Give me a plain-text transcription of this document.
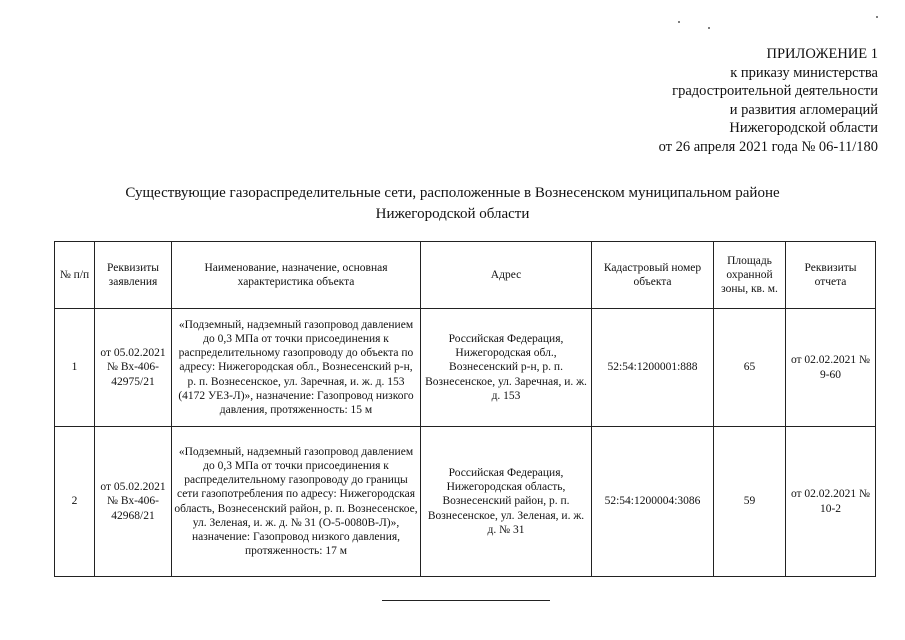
ПРИЛОЖЕНИЕ 1
к приказу министерства
градостроительной деятельности
и развития агломераций
Нижегородской области
от 26 апреля 2021 года № 06-11/180
Существующие газораспределительные сети, расположенные в Вознесенском муниципальном районе
Нижегородской области
№ п/п	Реквизиты заявления	Наименование, назначение, основная характеристика объекта	Адрес	Кадастровый номер объекта	Площадь охранной зоны, кв. м.	Реквизиты отчета
1	от 05.02.2021 № Вх-406-42975/21	«Подземный, надземный газопровод давлением до 0,3 МПа от точки присоединения к распределительному газопроводу до объекта по адресу: Нижегородская обл., Вознесенский р-н, р. п. Вознесенское, ул. Заречная, и. ж. д. 153 (4172 УЕЗ-Л)», назначение: Газопровод низкого давления, протяженность: 15 м	Российская Федерация, Нижегородская обл., Вознесенский р-н, р. п. Вознесенское, ул. Заречная, и. ж. д. 153	52:54:1200001:888	65	от 02.02.2021 № 9-60
2	от 05.02.2021 № Вх-406-42968/21	«Подземный, надземный газопровод давлением до 0,3 МПа от точки присоединения к распределительному газопроводу до границы сети газопотребления по адресу: Нижегородская область, Вознесенский район, р. п. Вознесенское, ул. Зеленая, и. ж. д. № 31 (О-5-0080В-Л)», назначение: Газопровод низкого давления, протяженность: 17 м	Российская Федерация, Нижегородская область, Вознесенский район, р. п. Вознесенское, ул. Зеленая, и. ж. д. № 31	52:54:1200004:3086	59	от 02.02.2021 № 10-2
